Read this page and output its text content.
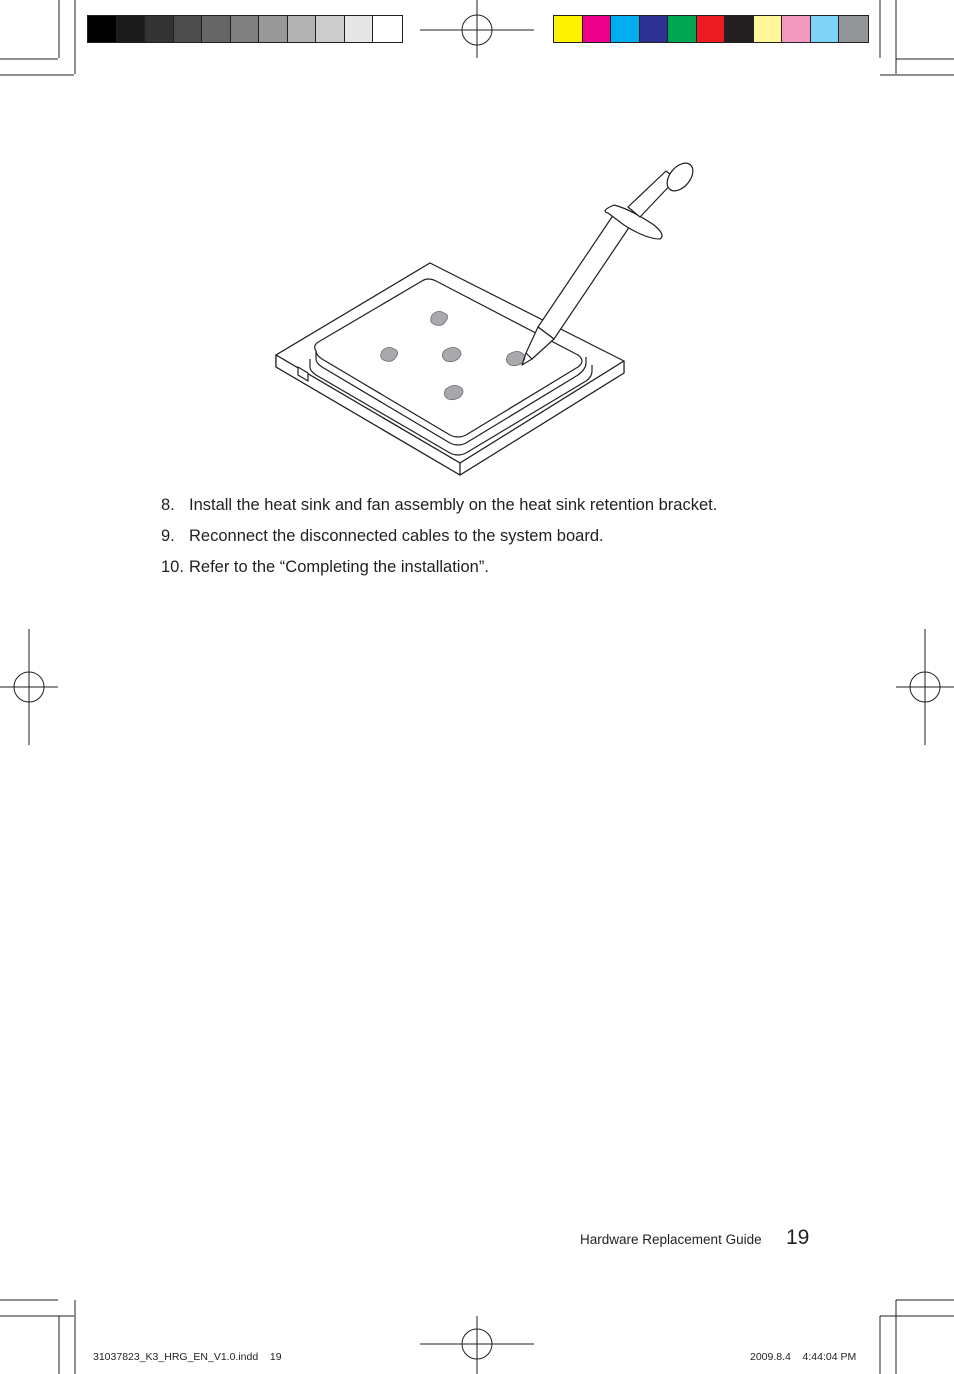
8. Install the heat sink and fan assembly on the heat sink retention bracket.
9. Reconnect the disconnected cables to the system board.
10. Refer to the “Completing the installation”.
Hardware Replacement Guide 19
31037823_K3_HRG_EN_V1.0.indd    19	2009.8.4    4:44:04 PM
